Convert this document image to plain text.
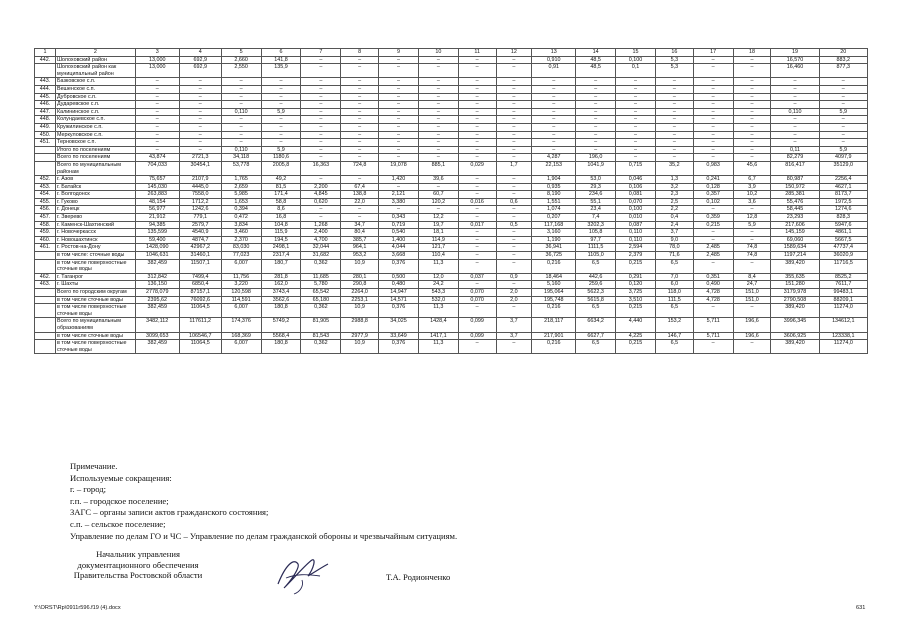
1	2	3	4	5	6	7	8	9	10	11	12	13	14	15	16	17	18	19	20
442.	Шолоховский район	13,000	692,9	2,660	141,8	–	–	–	–	–	–	0,910	48,5	0,100	5,3	–	–	16,570	883,2
	Шолоховский район как муниципальный район	13,000	692,9	2,550	135,9	–	–	–	–	–	–	0,91	48,5	0,1	5,3	–	–	16,460	877,3
443.	Базковское с.п.	–	–	–	–	–	–	–	–	–	–	–	–	–	–	–	–	–	–
444.	Вешенское с.п.	–	–	–	–	–	–	–	–	–	–	–	–	–	–	–	–	–	–
445.	Дубровское с.п.	–	–	–	–	–	–	–	–	–	–	–	–	–	–	–	–	–	–
446.	Дударевское с.п.	–	–	–	–	–	–	–	–	–	–	–	–	–	–	–	–	–	–
447.	Калининское с.п.	–	–	0,110	5,9	–	–	–	–	–	–	–	–	–	–	–	–	0,110	5,9
448.	Колундаевское с.п.	–	–	–	–	–	–	–	–	–	–	–	–	–	–	–	–	–	–
449.	Кружилинское с.п.	–	–	–	–	–	–	–	–	–	–	–	–	–	–	–	–	–	–
450.	Меркуловское с.п.	–	–	–	–	–	–	–	–	–	–	–	–	–	–	–	–	–	–
451.	Терновское с.п.	–	–	–	–	–	–	–	–	–	–	–	–	–	–	–	–	–	–
	Итого по поселениям	–	–	0,110	5,9	–	–	–	–	–	–	–	–	–	–	–	–	0,11	5,9
	Всего по поселениям	43,874	2721,3	34,118	1180,6	–	–	–	–	–	–	4,287	196,0	–	–	–	–	82,279	4097,9
	Всего по муниципальным районам	704,033	30454,1	53,778	2005,8	16,363	724,8	19,078	885,1	0,029	1,7	22,153	1041,9	0,715	35,2	0,983	45,6	816,417	35129,0
452.	г. Азов	75,657	2107,9	1,765	49,2	–	–	1,420	39,6	–	–	1,904	53,0	0,046	1,3	0,241	6,7	80,987	2256,4
453.	г. Батайск	145,030	4445,0	2,659	81,5	2,200	67,4	–	–	–	–	0,935	29,3	0,106	3,2	0,128	3,9	150,972	4627,1
454.	г. Волгодонск	263,883	7558,0	5,985	171,4	4,845	138,8	2,121	60,7	–	–	8,190	234,6	0,081	2,3	0,357	10,2	285,381	8173,7
455.	г. Гуково	48,154	1712,2	1,653	58,8	0,620	22,0	3,380	120,2	0,016	0,6	1,551	55,1	0,070	2,5	0,102	3,6	55,476	1972,5
456.	г. Донецк	56,977	1242,6	0,394	8,6	–	–	–	–	–	–	1,074	23,4	0,100	2,2	–	–	58,445	1274,6
457.	г. Зверево	21,912	779,1	0,472	16,8	–	–	0,343	12,2	–	–	0,207	7,4	0,010	0,4	0,359	12,8	23,293	828,3
458.	г. Каменск-Шахтинский	94,385	2579,7	3,834	104,8	1,268	34,7	0,719	19,7	0,017	0,5	117,168	3202,3	0,087	2,4	0,215	5,9	217,606	5947,6
459.	г. Новочеркасск	135,599	4540,9	3,460	115,9	2,400	80,4	0,540	18,1	–	–	3,160	105,8	0,110	3,7	–	–	145,159	4861,1
460.	г. Новошахтинск	59,400	4874,7	2,370	194,5	4,700	385,7	1,400	114,9	–	–	1,190	97,7	0,110	9,0	–	–	69,060	5667,5
461.	г. Ростов-на-Дону	1428,090	42967,2	83,030	2498,1	32,044	964,1	4,044	121,7	–	–	36,941	1111,5	2,594	78,0	2,485	74,8	1589,634	47737,4
	в том числе: сточные воды	1046,631	31460,1	77,023	2317,4	31,682	953,2	3,668	110,4	–	–	36,725	1105,0	2,379	71,6	2,485	74,8	1197,214	36020,9
	в том числе поверхностные сточные воды	382,459	11507,1	6,007	180,7	0,362	10,9	0,376	11,3	–	–	0,216	6,5	0,215	6,5	–	–	389,420	11716,5
462.	г. Таганрог	312,842	7499,4	11,756	281,8	11,685	280,1	0,500	12,0	0,037	0,9	18,464	442,6	0,291	7,0	0,351	8,4	355,635	8525,2
463.	г. Шахты	136,150	6850,4	3,220	162,0	5,780	290,8	0,480	24,2	–	–	5,160	259,6	0,120	6,0	0,490	24,7	151,280	7611,7
	Всего по городским округам	2778,079	87157,1	120,598	3743,4	65,542	2264,0	14,947	543,3	0,070	2,0	195,064	5622,3	3,725	118,0	4,728	151,0	3179,978	99483,1
	в том числе сточные воды	2395,62	76092,6	114,591	3562,6	65,180	2253,1	14,571	532,0	0,070	2,0	195,748	5615,8	3,510	111,5	4,728	151,0	2790,508	88209,1
	в том числе поверхностные сточные воды	382,459	11064,5	6,007	180,8	0,362	10,9	0,376	11,3	–	–	0,216	6,5	0,215	6,5	–	–	389,420	11274,0
	Всего по муниципальным образованиям	3482,112	117611,2	174,376	5749,2	81,905	2988,8	34,025	1428,4	0,099	3,7	218,117	6634,2	4,440	153,2	5,711	196,6	3996,345	134612,1
	в том числе сточные воды	3099,653	106546,7	168,369	5568,4	81,543	2977,9	33,649	1417,1	0,099	3,7	217,901	6627,7	4,225	146,7	5,711	196,6	3606,925	123338,1
	в том числе поверхностные сточные воды	382,459	11064,5	6,007	180,8	0,362	10,9	0,376	11,3	–	–	0,216	6,5	0,215	6,5	–	–	389,420	11274,0
Примечание.
Используемые сокращения:
г. – город;
г.п. – городское поселение;
ЗАГС – органы записи актов гражданского состояния;
с.п. – сельское поселение;
Управление по делам ГО и ЧС – Управление по делам гражданской обороны и чрезвычайным ситуациям.
Начальник управления
документационного обеспечения
Правительства Ростовской области	Т.А. Родионченко
Y:\ORST\Rp\0911r596.f19 (4).docx	631
